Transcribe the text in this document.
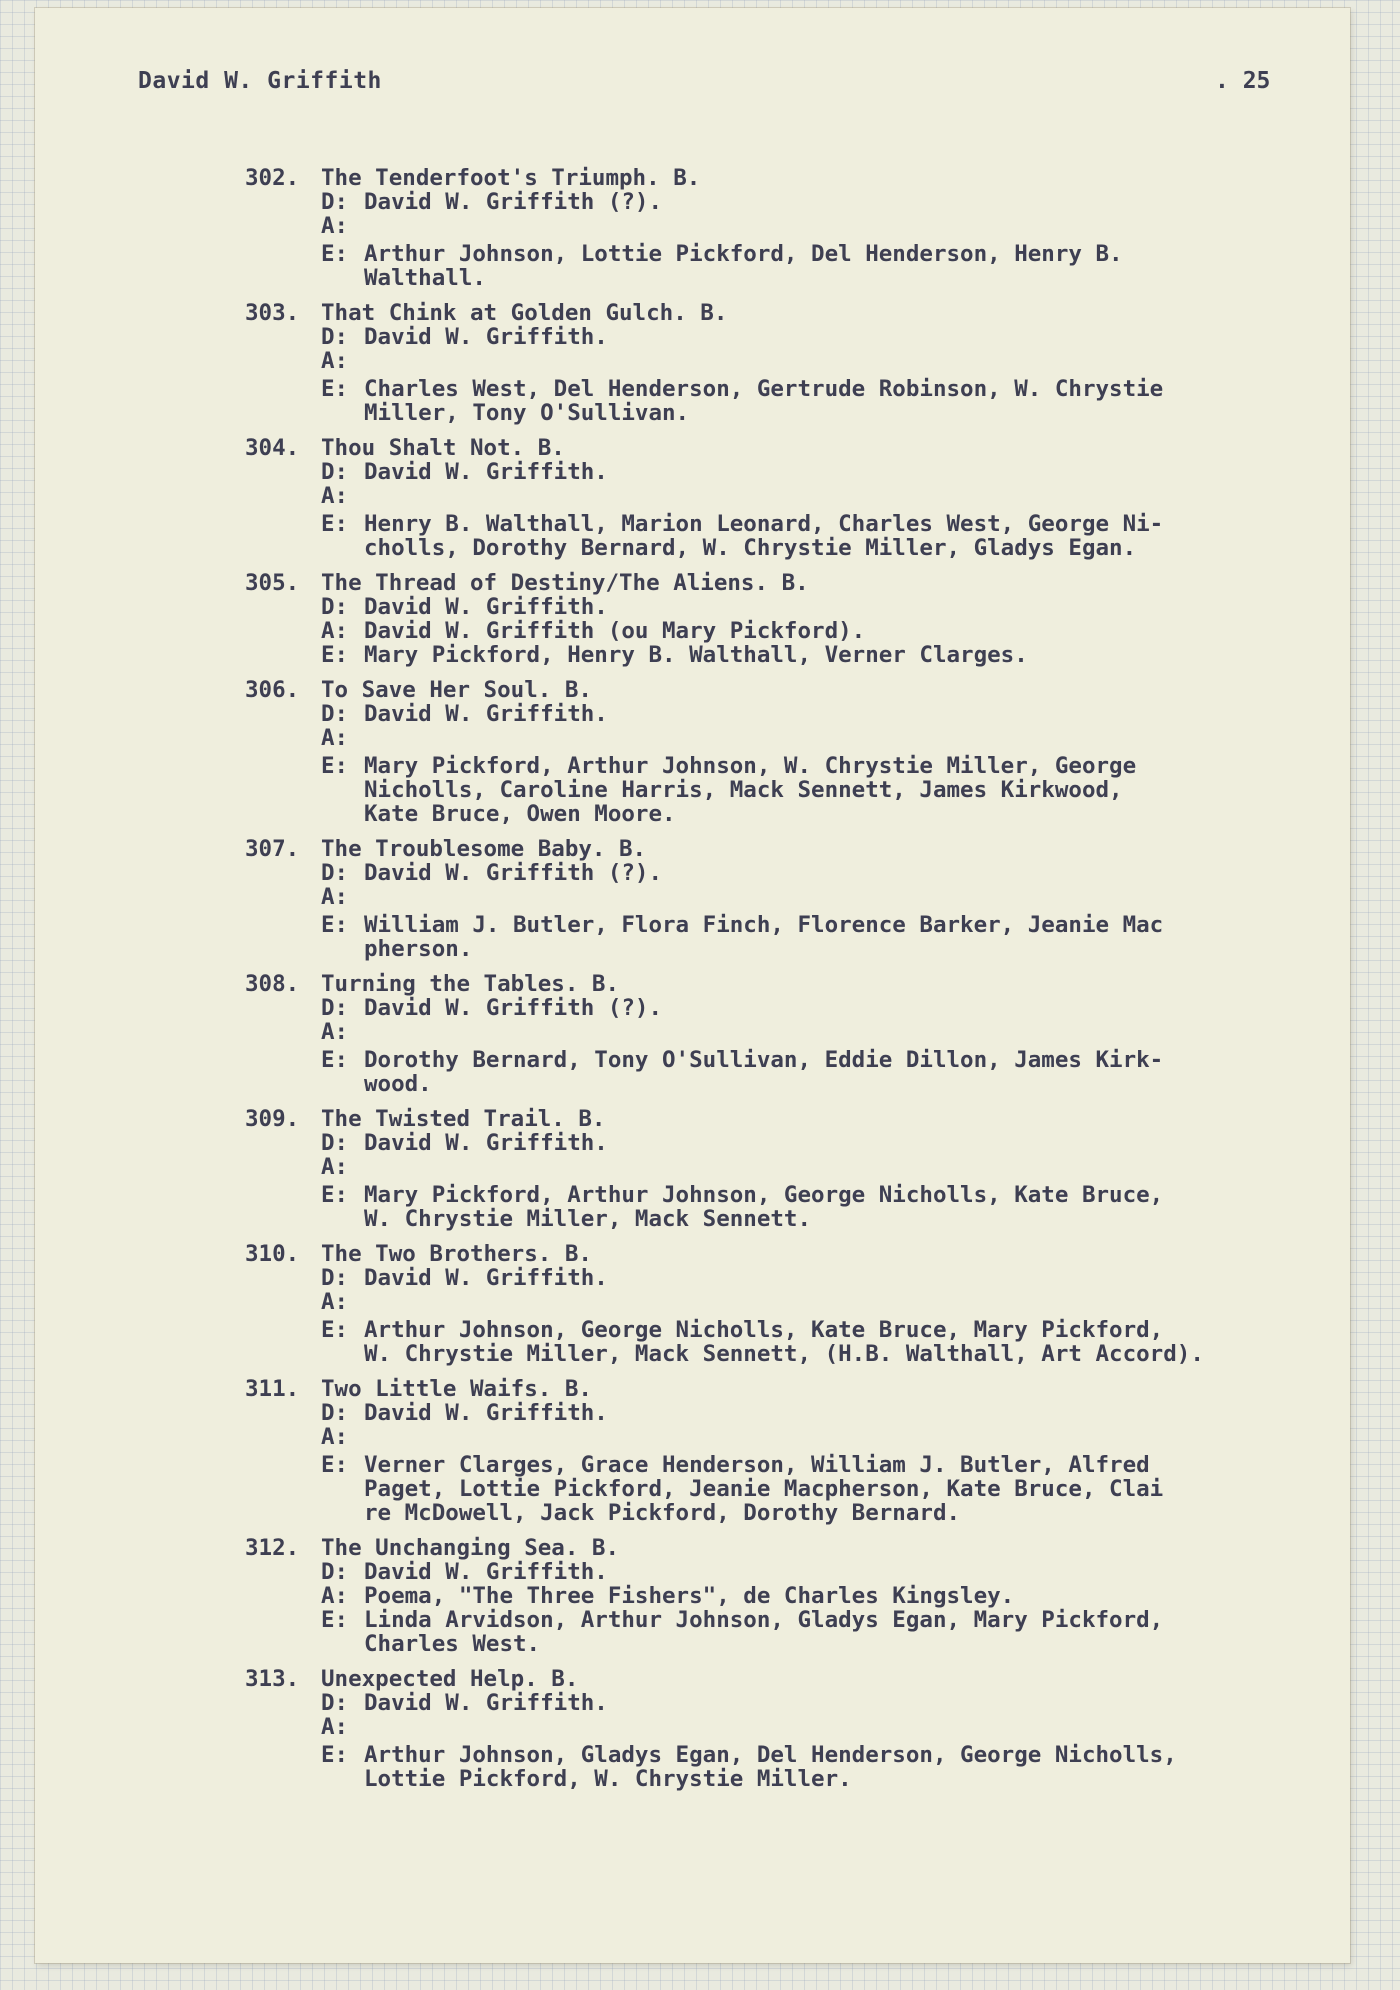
David W. Griffith	. 25
302. The Tenderfoot's Triumph. B.
D: David W. Griffith (?).
A:
E: Arthur Johnson, Lottie Pickford, Del Henderson, Henry B.
Walthall.
303. That Chink at Golden Gulch. B.
D: David W. Griffith.
A:
E: Charles West, Del Henderson, Gertrude Robinson, W. Chrystie
Miller, Tony O'Sullivan.
304. Thou Shalt Not. B.
D: David W. Griffith.
A:
E: Henry B. Walthall, Marion Leonard, Charles West, George Ni-
cholls, Dorothy Bernard, W. Chrystie Miller, Gladys Egan.
305. The Thread of Destiny/The Aliens. B.
D: David W. Griffith.
A: David W. Griffith (ou Mary Pickford).
E: Mary Pickford, Henry B. Walthall, Verner Clarges.
306. To Save Her Soul. B.
D: David W. Griffith.
A:
E: Mary Pickford, Arthur Johnson, W. Chrystie Miller, George
Nicholls, Caroline Harris, Mack Sennett, James Kirkwood,
Kate Bruce, Owen Moore.
307. The Troublesome Baby. B.
D: David W. Griffith (?).
A:
E: William J. Butler, Flora Finch, Florence Barker, Jeanie Mac
pherson.
308. Turning the Tables. B.
D: David W. Griffith (?).
A:
E: Dorothy Bernard, Tony O'Sullivan, Eddie Dillon, James Kirk-
wood.
309. The Twisted Trail. B.
D: David W. Griffith.
A:
E: Mary Pickford, Arthur Johnson, George Nicholls, Kate Bruce,
W. Chrystie Miller, Mack Sennett.
310. The Two Brothers. B.
D: David W. Griffith.
A:
E: Arthur Johnson, George Nicholls, Kate Bruce, Mary Pickford,
W. Chrystie Miller, Mack Sennett, (H.B. Walthall, Art Accord).
311. Two Little Waifs. B.
D: David W. Griffith.
A:
E: Verner Clarges, Grace Henderson, William J. Butler, Alfred
Paget, Lottie Pickford, Jeanie Macpherson, Kate Bruce, Clai
re McDowell, Jack Pickford, Dorothy Bernard.
312. The Unchanging Sea. B.
D: David W. Griffith.
A: Poema, "The Three Fishers", de Charles Kingsley.
E: Linda Arvidson, Arthur Johnson, Gladys Egan, Mary Pickford,
Charles West.
313. Unexpected Help. B.
D: David W. Griffith.
A:
E: Arthur Johnson, Gladys Egan, Del Henderson, George Nicholls,
Lottie Pickford, W. Chrystie Miller.
